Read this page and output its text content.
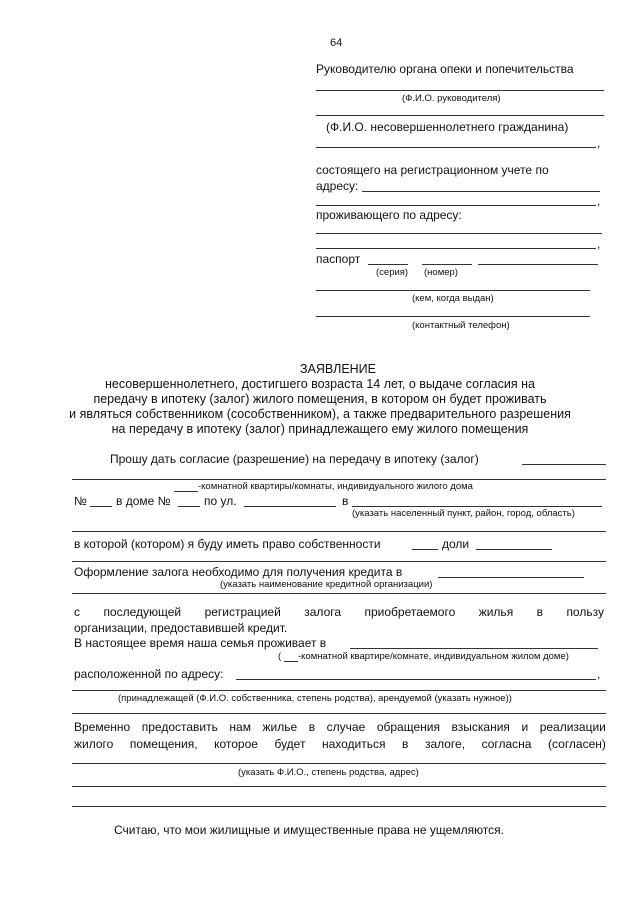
64
Руководителю органа опеки и попечительства
(Ф.И.О. руководителя)
(Ф.И.О. несовершеннолетнего гражданина)
,
состоящего на регистрационном учете по
адресу:
,
проживающего по адресу:
,
паспорт
(серия) (номер)
(кем, когда выдан)
(контактный телефон)
ЗАЯВЛЕНИЕ
несовершеннолетнего, достигшего возраста 14 лет, о выдаче согласия на
передачу в ипотеку (залог) жилого помещения, в котором он будет проживать
и являться собственником (сособственником), а также предварительного разрешения
на передачу в ипотеку (залог) принадлежащего ему жилого помещения
Прошу дать согласие (разрешение) на передачу в ипотеку (залог)
-комнатной квартиры/комнаты, индивидуального жилого дома
№ в доме №	по ул.	в
(указать населенный пункт, район, город, область)
в которой (котором) я буду иметь право собственности	доли
Оформление залога необходимо для получения кредита в
(указать наименование кредитной организации)
с последующей регистрацией залога приобретаемого жилья в пользу
организации, предоставившей кредит.
В настоящее время наша семья проживает в
( -комнатной квартире/комнате, индивидуальном жилом доме)
расположенной по адресу:	,
(принадлежащей (Ф.И.О. собственника, степень родства), арендуемой (указать нужное))
Временно предоставить нам жилье в случае обращения взыскания и реализации
жилого помещения, которое будет находиться в залоге, согласна (согласен)
(указать Ф.И.О., степень родства, адрес)
Считаю, что мои жилищные и имущественные права не ущемляются.
